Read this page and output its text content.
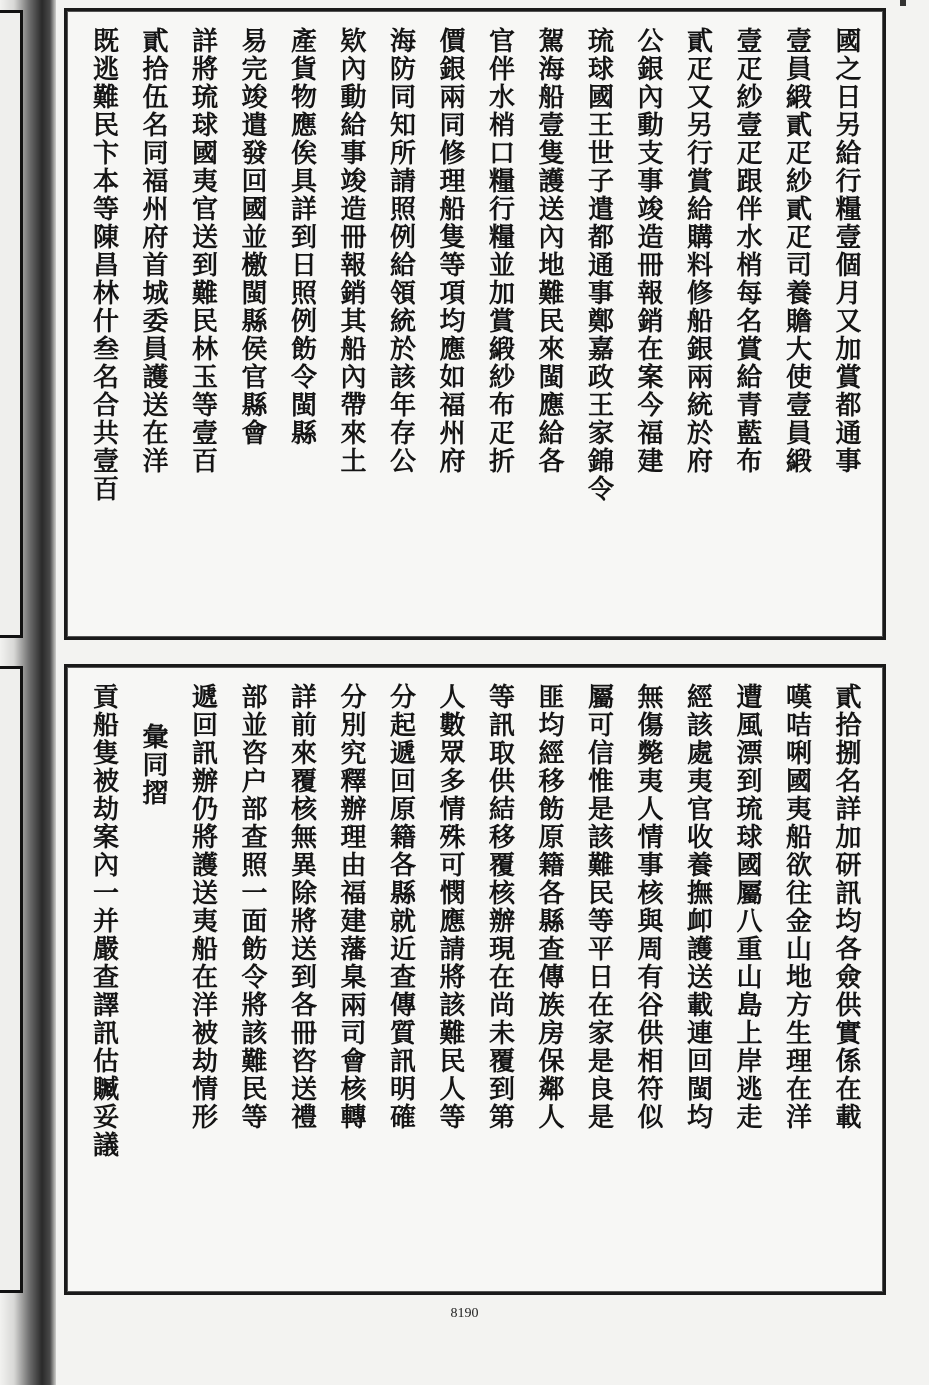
國之日另給行糧壹個月又加賞都通事
壹員緞貳疋紗貳疋司養贍大使壹員緞
壹疋紗壹疋跟伴水梢每名賞給青藍布
貳疋又另行賞給購料修船銀兩統於府
公銀內動支事竣造冊報銷在案今福建
琉球國王世子遣都通事鄭嘉政王家錦令
駕海船壹隻護送內地難民來閩應給各
官伴水梢口糧行糧並加賞緞紗布疋折
價銀兩同修理船隻等項均應如福州府
海防同知所請照例給領統於該年存公
欵內動給事竣造冊報銷其船內帶來土
產貨物應俟具詳到日照例飭令閩縣
易完竣遣發回國並檄閩縣侯官縣會
詳將琉球國夷官送到難民林玉等壹百
貳拾伍名同福州府首城委員護送在洋
既逃難民卞本等陳昌林什叁名合共壹百
貳拾捌名詳加研訊均各僉供實係在載
嘆咭唎國夷船欲往金山地方生理在洋
遭風漂到琉球國屬八重山島上岸逃走
經該處夷官收養撫卹護送載連回閩均
無傷斃夷人情事核與周有谷供相符似
屬可信惟是該難民等平日在家是良是
匪均經移飭原籍各縣查傳族房保鄰人
等訊取供結移覆核辦現在尚未覆到第
人數眾多情殊可憫應請將該難民人等
分起遞回原籍各縣就近查傳質訊明確
分別究釋辦理由福建藩臬兩司會核轉
詳前來覆核無異除將送到各冊咨送禮
部並咨户部查照一面飭令將該難民等
遞回訊辦仍將護送夷船在洋被劫情形
彙同摺
貢船隻被劫案內一并嚴查譯訊估贓妥議
8190
